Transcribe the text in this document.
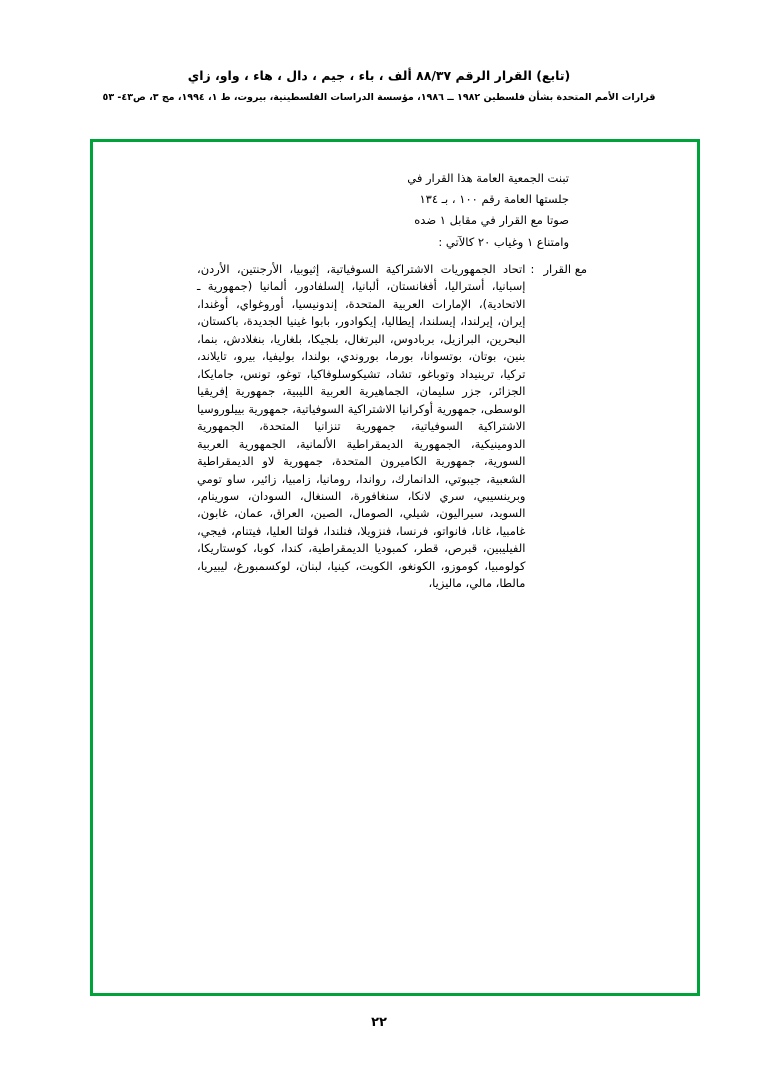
(تابع) القرار الرقم ٨٨/٣٧ ألف ، باء ، جيم ، دال ، هاء ، واو، زاي
قرارات الأمم المتحدة بشأن فلسطين ١٩٨٢ ــ ١٩٨٦، مؤسسة الدراسات الفلسطينية، بيروت، ط ١، ١٩٩٤، مج ٣، ص٤٣- ٥٣

تبنت الجمعية العامة هذا القرار في

جلستها العامة رقم ١٠٠ ، بـ ١٣٤

صوتا مع القرار في مقابل ١ ضده

وامتناع ١ وغياب ٢٠ كالآتي :

مع القرار
:
اتحاد الجمهوريات الاشتراكية السوفياتية، إثيوبيا، الأرجنتين، الأردن، إسبانيا، أستراليا، أفغانستان، ألبانيا، إلسلفادور، ألمانيا (جمهورية ـ الاتحادية)، الإمارات العربية المتحدة، إندونيسيا، أوروغواي، أوغندا، إيران، إيرلندا، إيسلندا، إيطاليا، إيكوادور، بابوا غينيا الجديدة، باكستان، البحرين، البرازيل، بربادوس، البرتغال، بلجيكا، بلغاريا، بنغلادش، بنما، بنين، بوتان، بوتسوانا، بورما، بوروندي، بولندا، بوليفيا، بيرو، تايلاند، تركيا، ترينيداد وتوباغو، تشاد، تشيكوسلوفاكيا، توغو، تونس، جامايكا، الجزائر، جزر سليمان، الجماهيرية العربية الليبية، جمهورية إفريقيا الوسطى، جمهورية أوكرانيا الاشتراكية السوفياتية، جمهورية بييلوروسيا الاشتراكية السوفياتية، جمهورية تنزانيا المتحدة، الجمهورية الدومينيكية، الجمهورية الديمقراطية الألمانية، الجمهورية العربية السورية، جمهورية الكاميرون المتحدة، جمهورية لاو الديمقراطية الشعبية، جيبوتي، الدانمارك، رواندا، رومانيا، زامبيا، زائير، ساو تومي وبرينسيبي، سري لانكا، سنغافورة، السنغال، السودان، سورينام، السويد، سيراليون، شيلي، الصومال، الصين، العراق، عمان، غابون، غامبيا، غانا، فانواتو، فرنسا، فنزويلا، فنلندا، فولتا العليا، فيتنام، فيجي، الفيليبين، قبرص، قطر، كمبوديا الديمقراطية، كندا، كوبا، كوستاريكا، كولومبيا، كوموزو، الكونغو، الكويت، كينيا، لبنان، لوكسمبورغ، ليبيريا، مالطا، مالي، ماليزيا،
٢٢
